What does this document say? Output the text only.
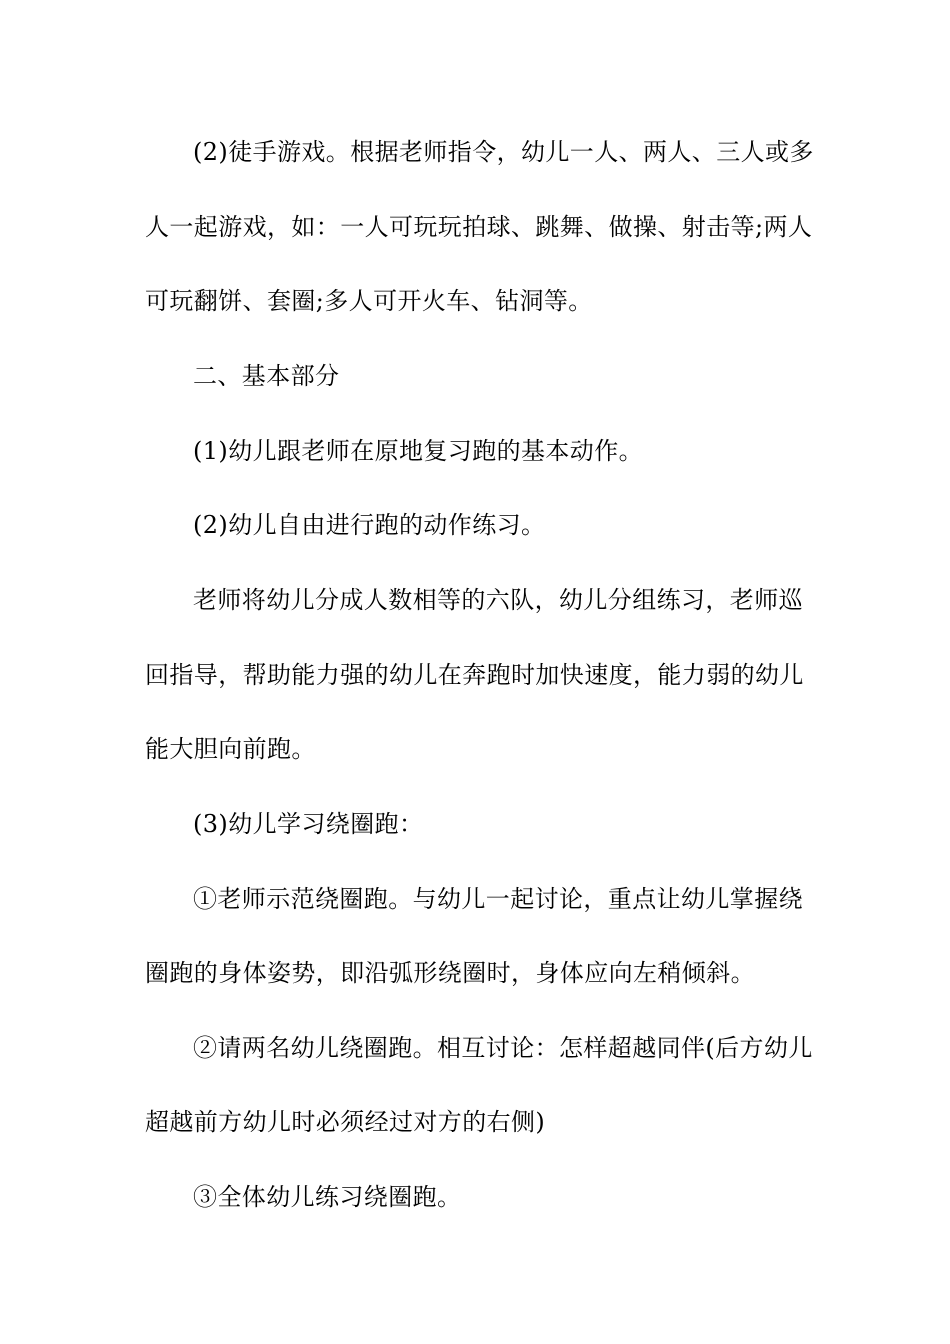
(2)徒手游戏。根据老师指令，幼儿一人、两人、三人或多
人一起游戏，如：一人可玩玩拍球、跳舞、做操、射击等;两人
可玩翻饼、套圈;多人可开火车、钻洞等。
二、基本部分
(1)幼儿跟老师在原地复习跑的基本动作。
(2)幼儿自由进行跑的动作练习。
老师将幼儿分成人数相等的六队，幼儿分组练习，老师巡
回指导，帮助能力强的幼儿在奔跑时加快速度，能力弱的幼儿
能大胆向前跑。
(3)幼儿学习绕圈跑：
①老师示范绕圈跑。与幼儿一起讨论，重点让幼儿掌握绕
圈跑的身体姿势，即沿弧形绕圈时，身体应向左稍倾斜。
②请两名幼儿绕圈跑。相互讨论：怎样超越同伴(后方幼儿
超越前方幼儿时必须经过对方的右侧)
③全体幼儿练习绕圈跑。
